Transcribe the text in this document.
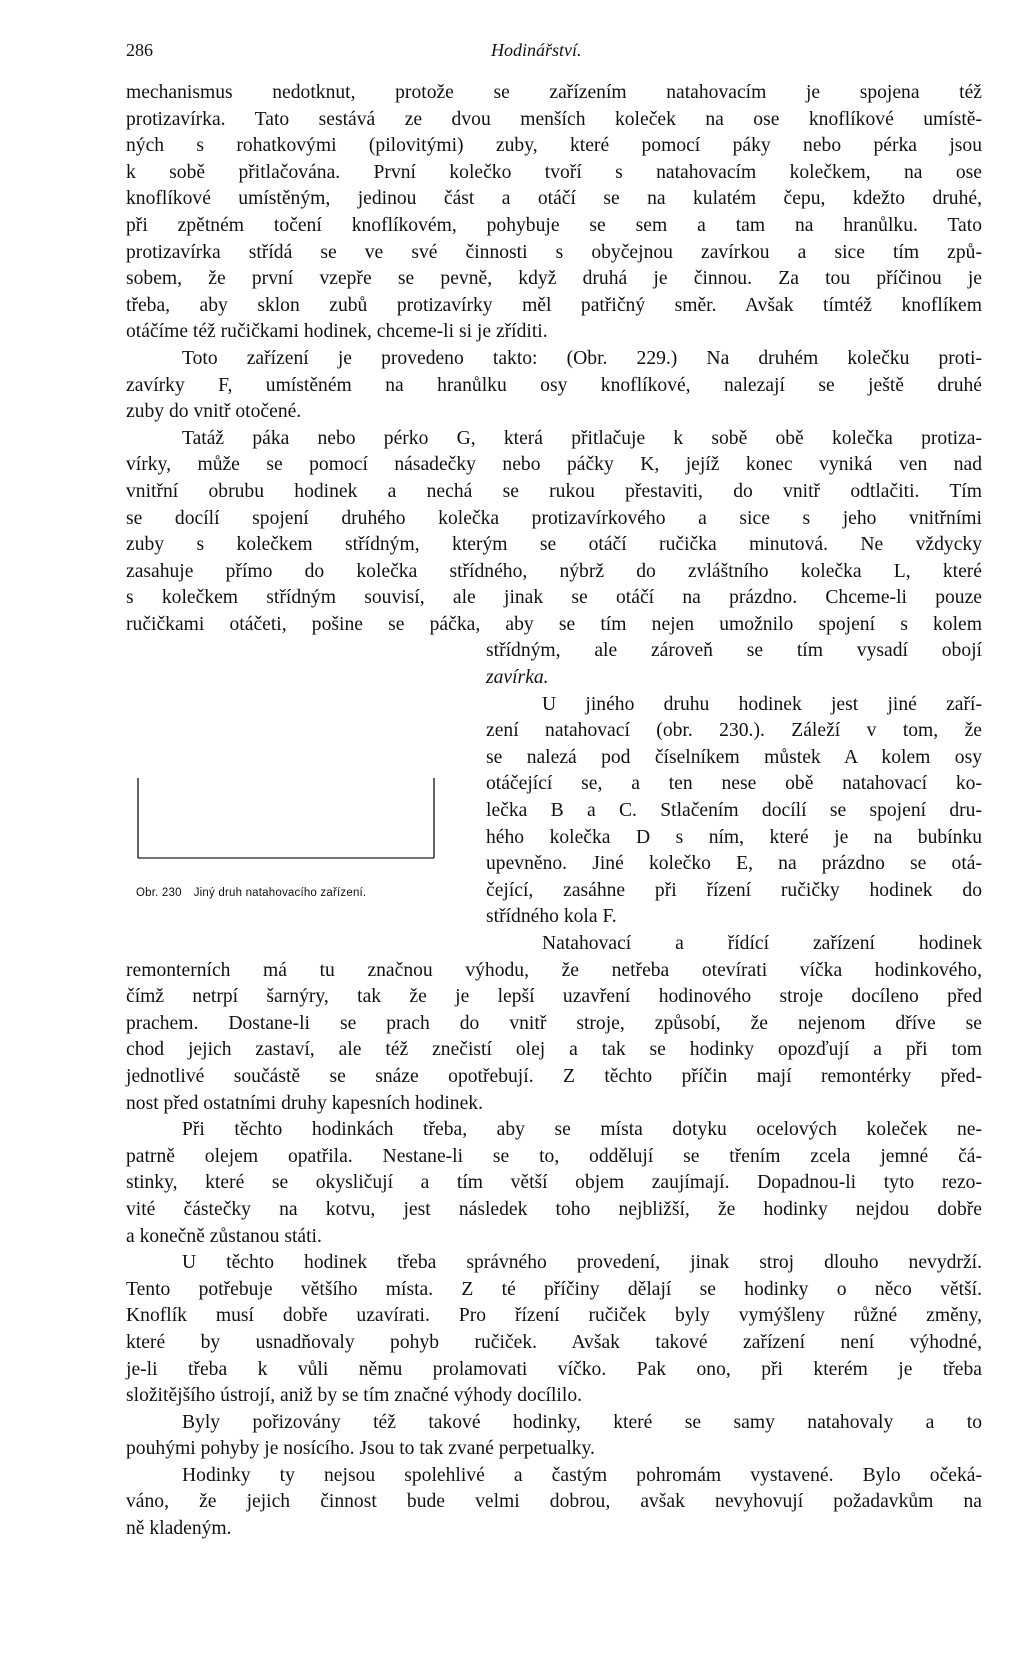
286	Hodinářství.
mechanismus nedotknut, protože se zařízením natahovacím je spojena též
protizavírka. Tato sestává ze dvou menších koleček na ose knoflíkové umístě-
ných s rohatkovými (pilovitými) zuby, které pomocí páky nebo pérka jsou
k sobě přitlačována. První kolečko tvoří s natahovacím kolečkem, na ose
knoflíkové umístěným, jedinou část a otáčí se na kulatém čepu, kdežto druhé,
při zpětném točení knoflíkovém, pohybuje se sem a tam na hranůlku. Tato
protizavírka střídá se ve své činnosti s obyčejnou zavírkou a sice tím způ-
sobem, že první vzepře se pevně, když druhá je činnou. Za tou příčinou je
třeba, aby sklon zubů protizavírky měl patřičný směr. Avšak tímtéž knoflíkem
otáčíme též ručičkami hodinek, chceme-li si je zříditi.
Toto zařízení je provedeno takto: (Obr. 229.) Na druhém kolečku proti-
zavírky F, umístěném na hranůlku osy knoflíkové, nalezají se ještě druhé
zuby do vnitř otočené.
Tatáž páka nebo pérko G, která přitlačuje k sobě obě kolečka protiza-
vírky, může se pomocí násadečky nebo páčky K, jejíž konec vyniká ven nad
vnitřní obrubu hodinek a nechá se rukou přestaviti, do vnitř odtlačiti. Tím
se docílí spojení druhého kolečka protizavírkového a sice s jeho vnitřními
zuby s kolečkem střídným, kterým se otáčí ručička minutová. Ne vždycky
zasahuje přímo do kolečka střídného, nýbrž do zvláštního kolečka L, které
s kolečkem střídným souvisí, ale jinak se otáčí na prázdno. Chceme-li pouze
ručičkami otáčeti, pošine se páčka, aby se tím nejen umožnilo spojení s kolem
Obr. 230 Jiný druh natahovacího zařízení.
střídným, ale zároveň se tím vysadí obojí
zavírka.
U jiného druhu hodinek jest jiné zaří-
zení natahovací (obr. 230.). Záleží v tom, že
se nalezá pod číselníkem můstek A kolem osy
otáčející se, a ten nese obě natahovací ko-
lečka B a C. Stlačením docílí se spojení dru-
hého kolečka D s ním, které je na bubínku
upevněno. Jiné kolečko E, na prázdno se otá-
čející, zasáhne při řízení ručičky hodinek do
střídného kola F.
Natahovací a řídící zařízení hodinek
remonterních má tu značnou výhodu, že netřeba otevírati víčka hodinkového,
čímž netrpí šarnýry, tak že je lepší uzavření hodinového stroje docíleno před
prachem. Dostane-li se prach do vnitř stroje, způsobí, že nejenom dříve se
chod jejich zastaví, ale též znečistí olej a tak se hodinky opozďují a při tom
jednotlivé součástě se snáze opotřebují. Z těchto příčin mají remontérky před-
nost před ostatními druhy kapesních hodinek.
Při těchto hodinkách třeba, aby se místa dotyku ocelových koleček ne-
patrně olejem opatřila. Nestane-li se to, oddělují se třením zcela jemné čá-
stinky, které se okysličují a tím větší objem zaujímají. Dopadnou-li tyto rezo-
vité částečky na kotvu, jest následek toho nejbližší, že hodinky nejdou dobře
a konečně zůstanou státi.
U těchto hodinek třeba správného provedení, jinak stroj dlouho nevydrží.
Tento potřebuje většího místa. Z té příčiny dělají se hodinky o něco větší.
Knoflík musí dobře uzavírati. Pro řízení ručiček byly vymýšleny růžné změny,
které by usnadňovaly pohyb ručiček. Avšak takové zařízení není výhodné,
je-li třeba k vůli němu prolamovati víčko. Pak ono, při kterém je třeba
složitějšího ústrojí, aniž by se tím značné výhody docílilo.
Byly pořizovány též takové hodinky, které se samy natahovaly a to
pouhými pohyby je nosícího. Jsou to tak zvané perpetualky.
Hodinky ty nejsou spolehlivé a častým pohromám vystavené. Bylo očeká-
váno, že jejich činnost bude velmi dobrou, avšak nevyhovují požadavkům na
ně kladeným.
